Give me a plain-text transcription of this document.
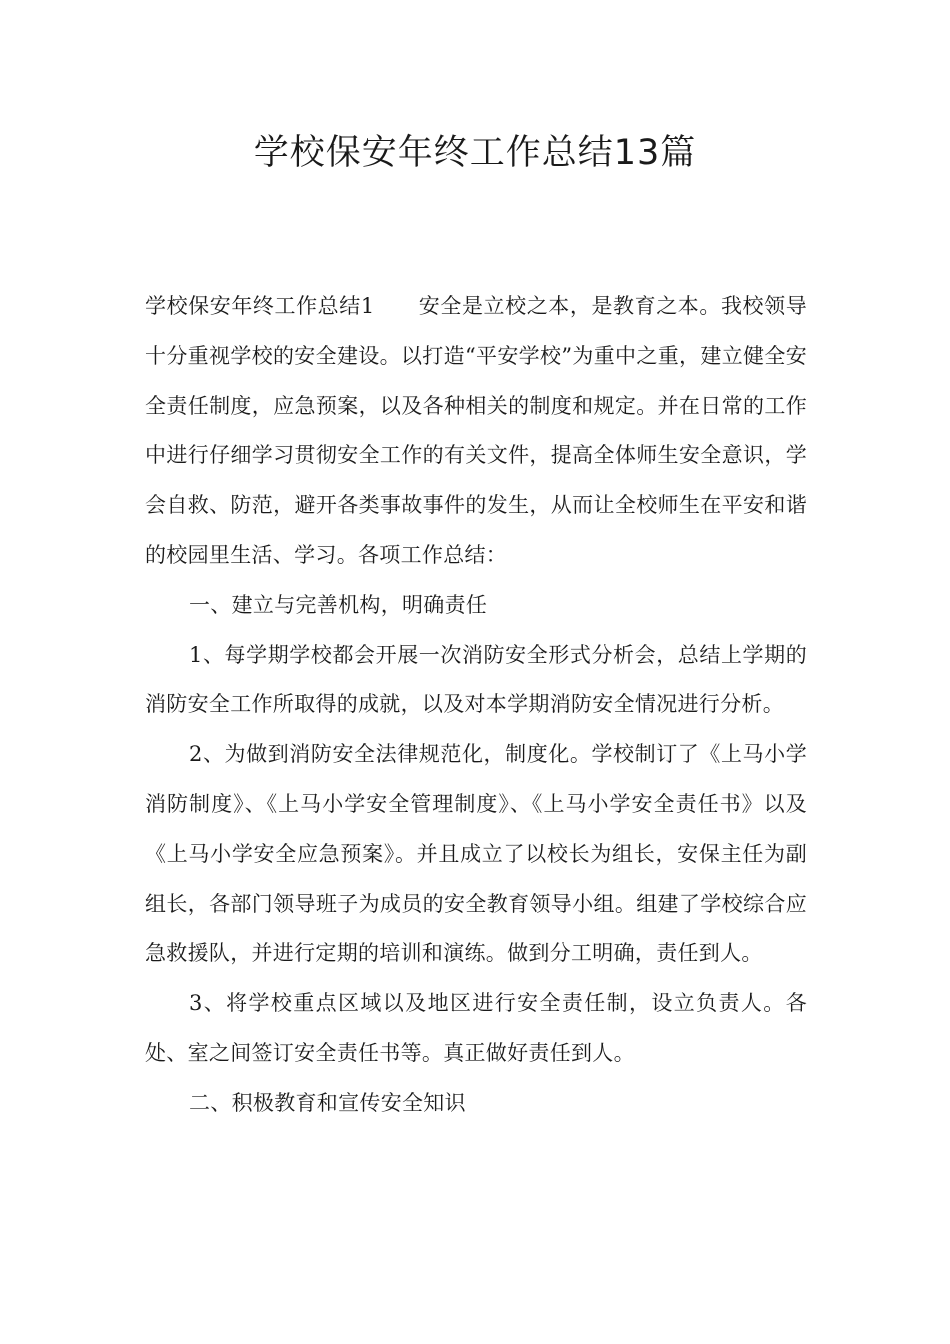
学校保安年终工作总结13篇

学校保安年终工作总结1 安全是立校之本，是教育之本。我校领导十分重视学校的安全建设。以打造“平安学校”为重中之重，建立健全安全责任制度，应急预案，以及各种相关的制度和规定。并在日常的工作中进行仔细学习贯彻安全工作的有关文件，提高全体师生安全意识，学会自救、防范，避开各类事故事件的发生，从而让全校师生在平安和谐的校园里生活、学习。各项工作总结：

一、建立与完善机构，明确责任

1、每学期学校都会开展一次消防安全形式分析会，总结上学期的消防安全工作所取得的成就，以及对本学期消防安全情况进行分析。

2、为做到消防安全法律规范化，制度化。学校制订了《上马小学消防制度》、《上马小学安全管理制度》、《上马小学安全责任书》以及《上马小学安全应急预案》。并且成立了以校长为组长，安保主任为副组长，各部门领导班子为成员的安全教育领导小组。组建了学校综合应急救援队，并进行定期的培训和演练。做到分工明确，责任到人。

3、将学校重点区域以及地区进行安全责任制，设立负责人。各处、室之间签订安全责任书等。真正做好责任到人。

二、积极教育和宣传安全知识
